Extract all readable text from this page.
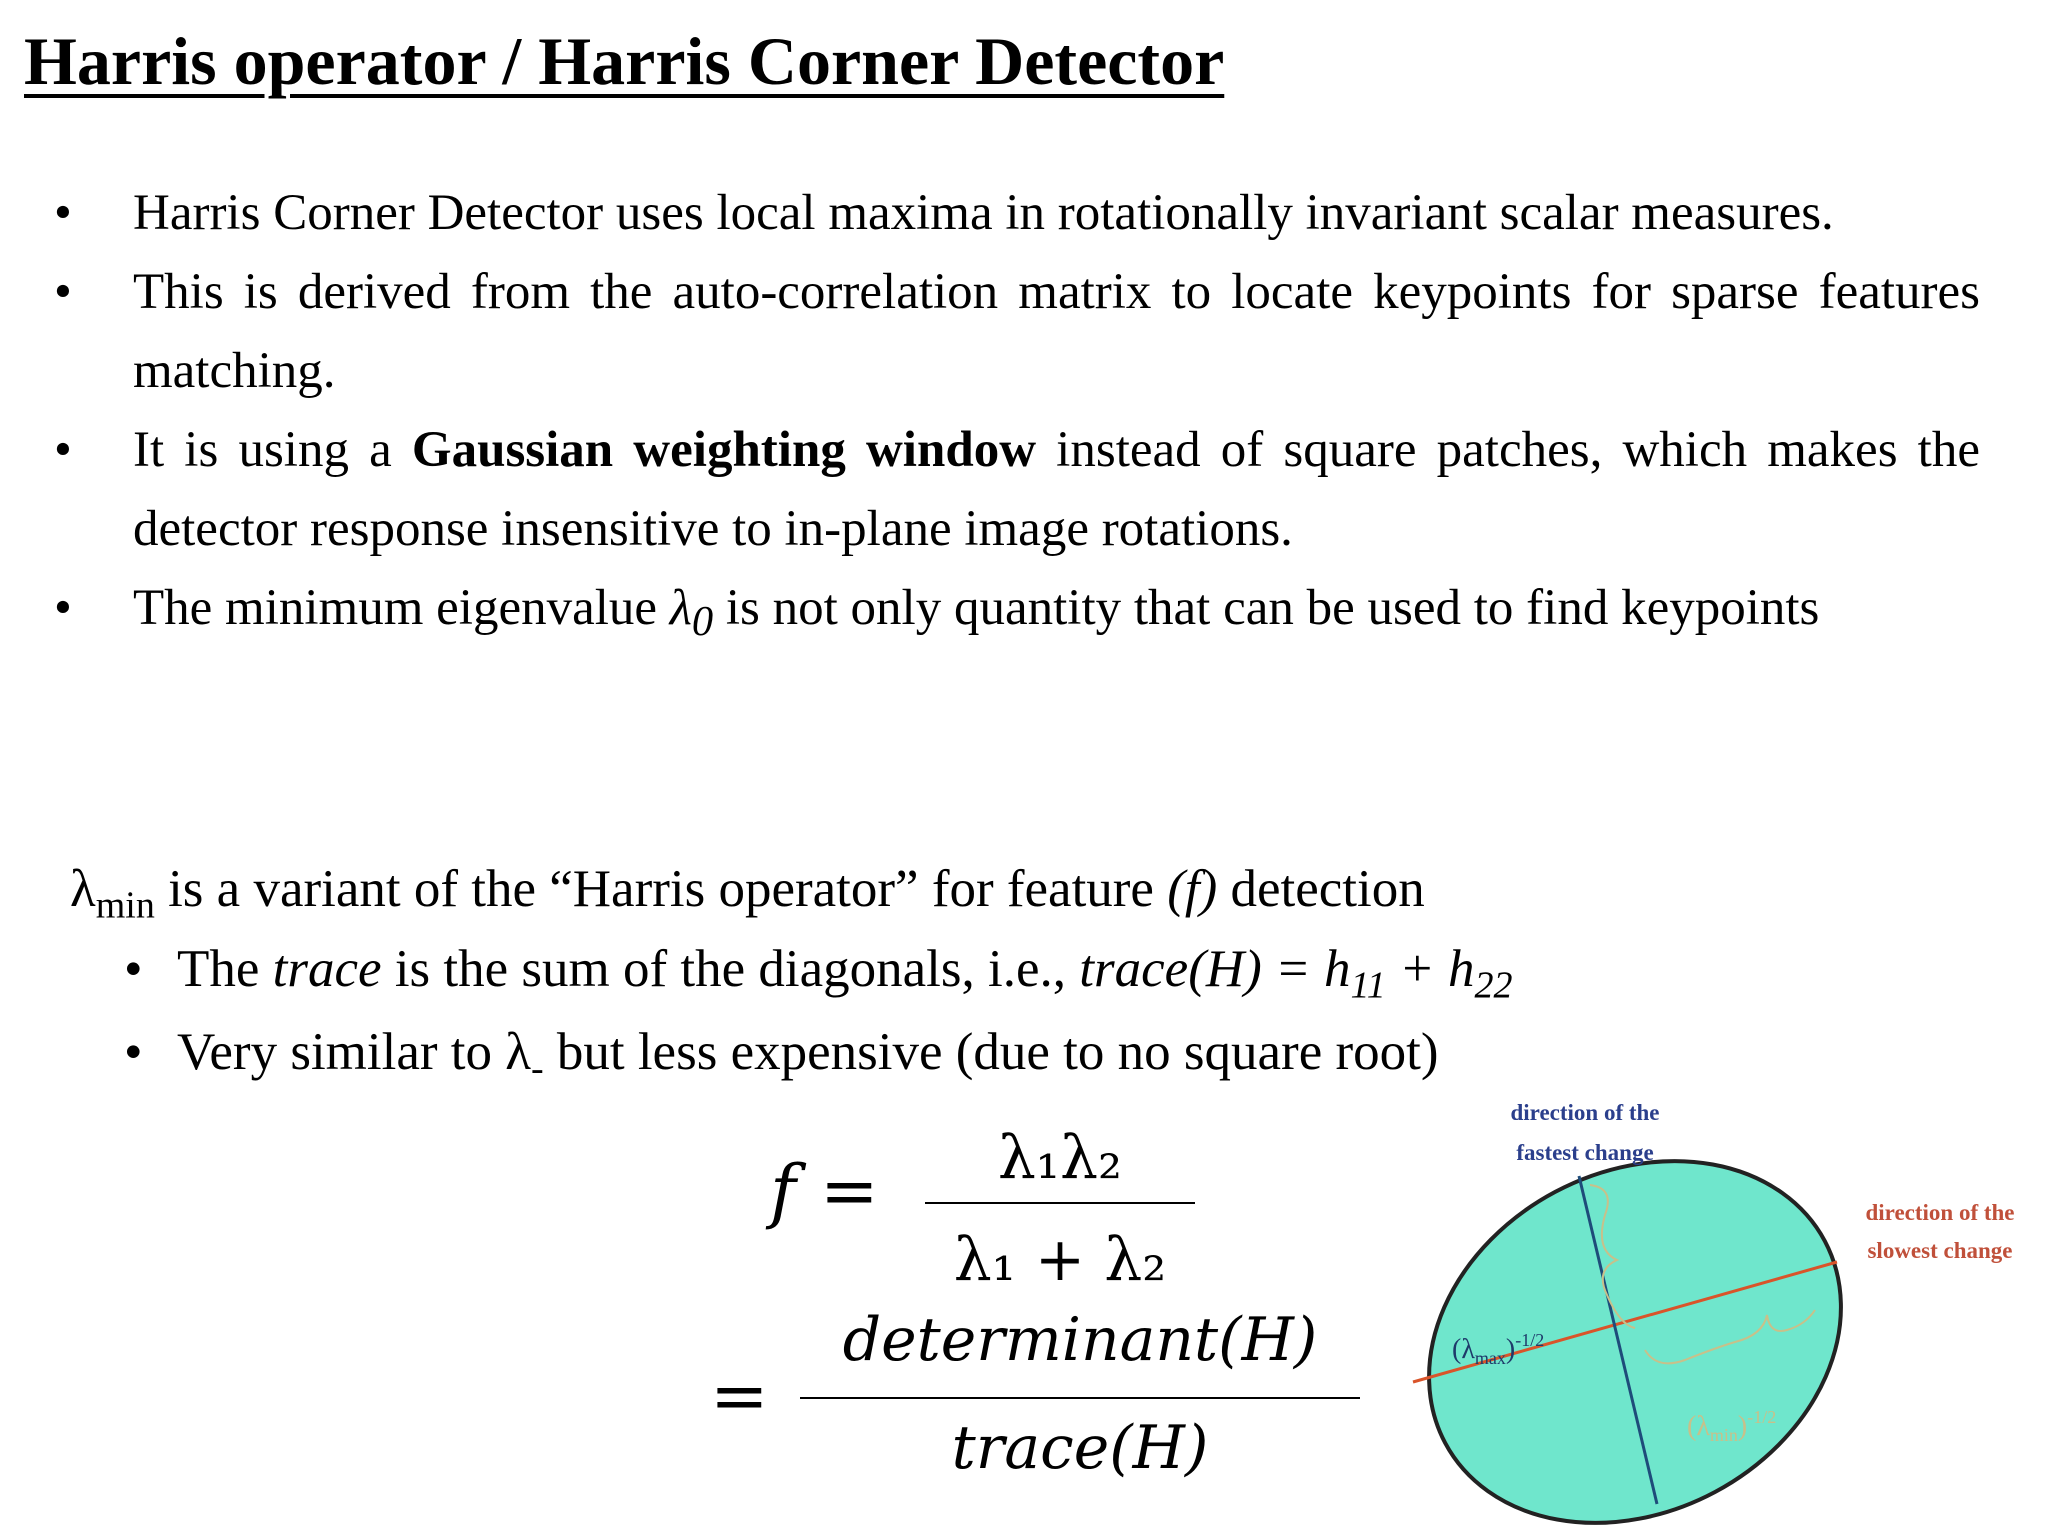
Harris operator / Harris Corner Detector
• Harris Corner Detector uses local maxima in rotationally invariant scalar measures.
• This is derived from the auto-correlation matrix to locate keypoints for sparse features matching.
• It is using a Gaussian weighting window instead of square patches, which makes the detector response insensitive to in-plane image rotations.
• The minimum eigenvalue $\lambda_0$ is not only quantity that can be used to find keypoints
$\lambda_{min}$ is a variant of the “Harris operator” for feature (f) detection
• The trace is the sum of the diagonals, i.e., trace(H) = $h_{11} + h_{22}$
• Very similar to $\lambda_-$ but less expensive (due to no square root)
f = λ₁λ₂
λ₁ + λ₂
=
determinant(H)
trace(H)
direction of the
fastest change
direction of the
slowest change
$(\lambda_{max})^{-1/2}$
$(\lambda_{min})^{-1/2}$
